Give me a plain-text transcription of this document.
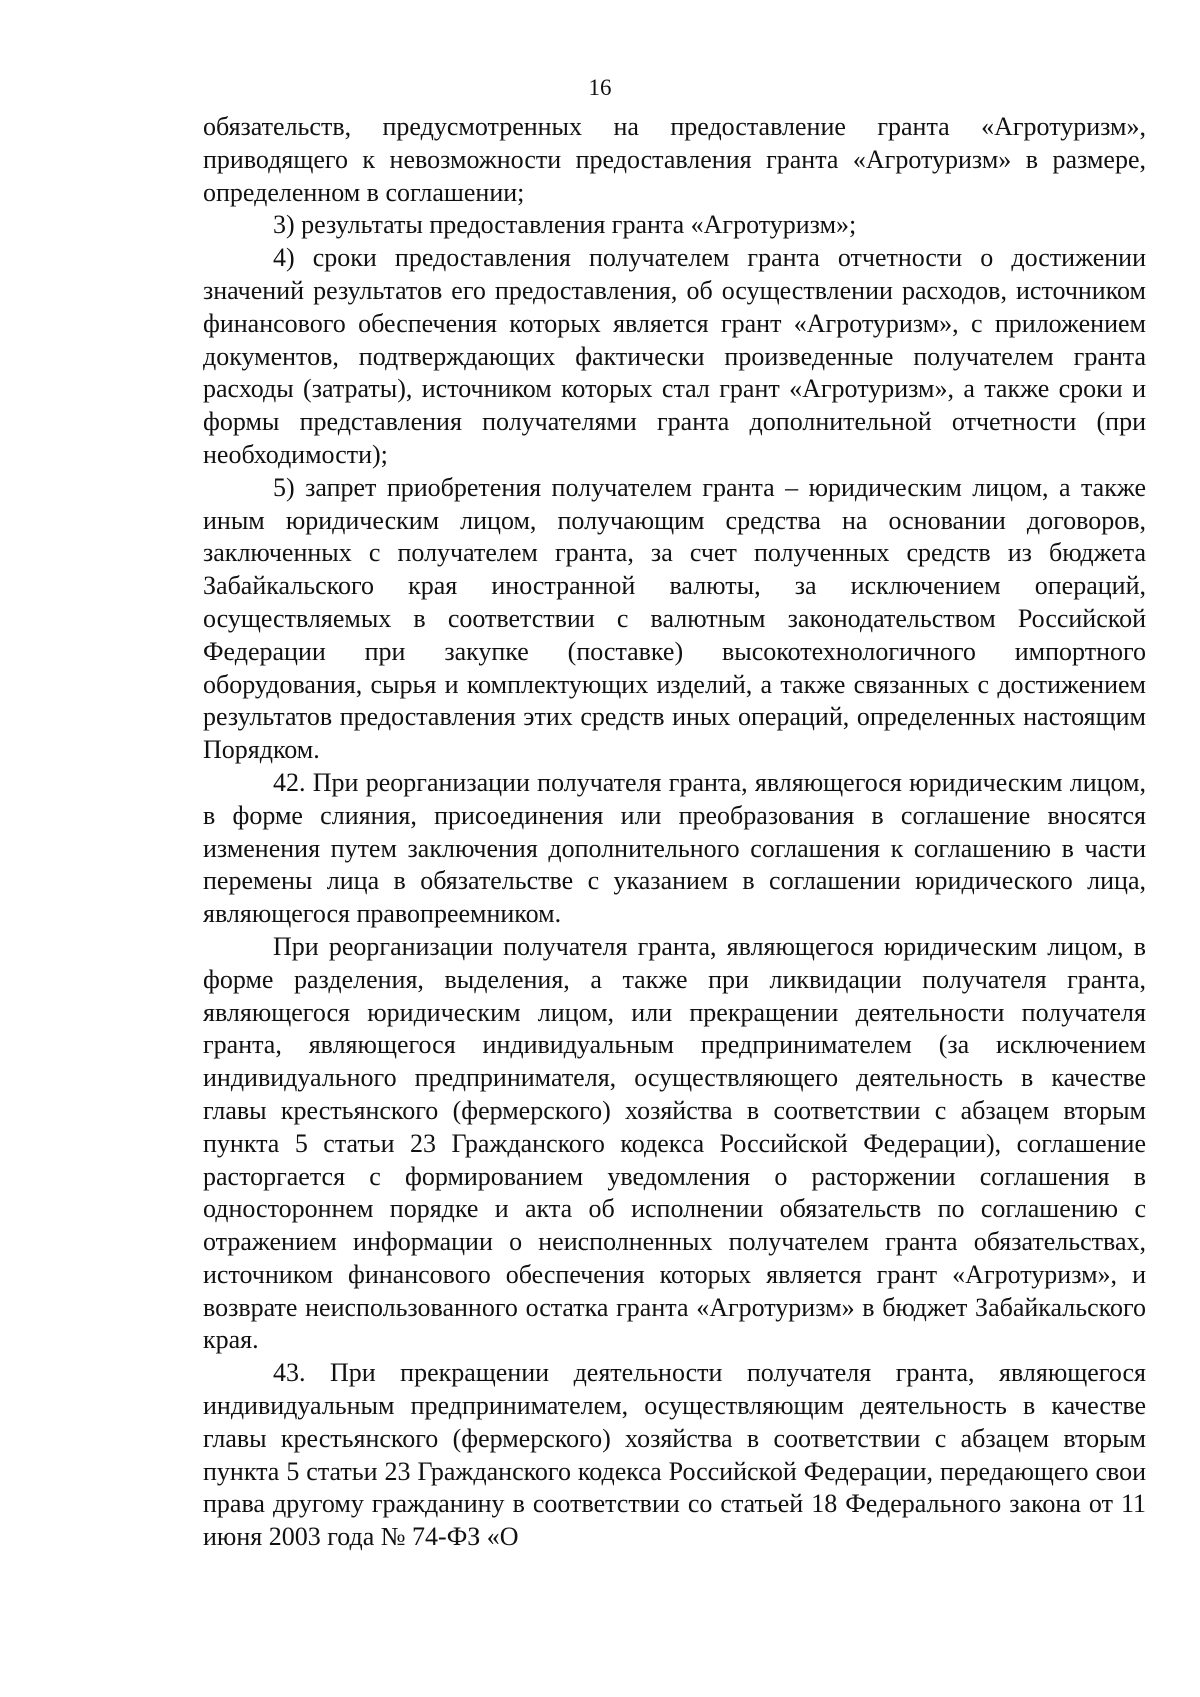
16

обязательств, предусмотренных на предоставление гранта «Агротуризм», приводящего к невозможности предоставления гранта «Агротуризм» в размере, определенном в соглашении;

3) результаты предоставления гранта «Агротуризм»;

4) сроки предоставления получателем гранта отчетности о достижении значений результатов его предоставления, об осуществлении расходов, источником финансового обеспечения которых является грант «Агротуризм», с приложением документов, подтверждающих фактически произведенные получателем гранта расходы (затраты), источником которых стал грант «Агротуризм», а также сроки и формы представления получателями гранта дополнительной отчетности (при необходимости);

5) запрет приобретения получателем гранта – юридическим лицом, а также иным юридическим лицом, получающим средства на основании договоров, заключенных с получателем гранта, за счет полученных средств из бюджета Забайкальского края иностранной валюты, за исключением операций, осуществляемых в соответствии с валютным законодательством Российской Федерации при закупке (поставке) высокотехнологичного импортного оборудования, сырья и комплектующих изделий, а также связанных с достижением результатов предоставления этих средств иных операций, определенных настоящим Порядком.

42. При реорганизации получателя гранта, являющегося юридическим лицом, в форме слияния, присоединения или преобразования в соглашение вносятся изменения путем заключения дополнительного соглашения к соглашению в части перемены лица в обязательстве с указанием в соглашении юридического лица, являющегося правопреемником.

При реорганизации получателя гранта, являющегося юридическим лицом, в форме разделения, выделения, а также при ликвидации получателя гранта, являющегося юридическим лицом, или прекращении деятельности получателя гранта, являющегося индивидуальным предпринимателем (за исключением индивидуального предпринимателя, осуществляющего деятельность в качестве главы крестьянского (фермерского) хозяйства в соответствии с абзацем вторым пункта 5 статьи 23 Гражданского кодекса Российской Федерации), соглашение расторгается с формированием уведомления о расторжении соглашения в одностороннем порядке и акта об исполнении обязательств по соглашению с отражением информации о неисполненных получателем гранта обязательствах, источником финансового обеспечения которых является грант «Агротуризм», и возврате неиспользованного остатка гранта «Агротуризм» в бюджет Забайкальского края.

43. При прекращении деятельности получателя гранта, являющегося индивидуальным предпринимателем, осуществляющим деятельность в качестве главы крестьянского (фермерского) хозяйства в соответствии с абзацем вторым пункта 5 статьи 23 Гражданского кодекса Российской Федерации, передающего свои права другому гражданину в соответствии со статьей 18 Федерального закона от 11 июня 2003 года № 74-ФЗ «О
